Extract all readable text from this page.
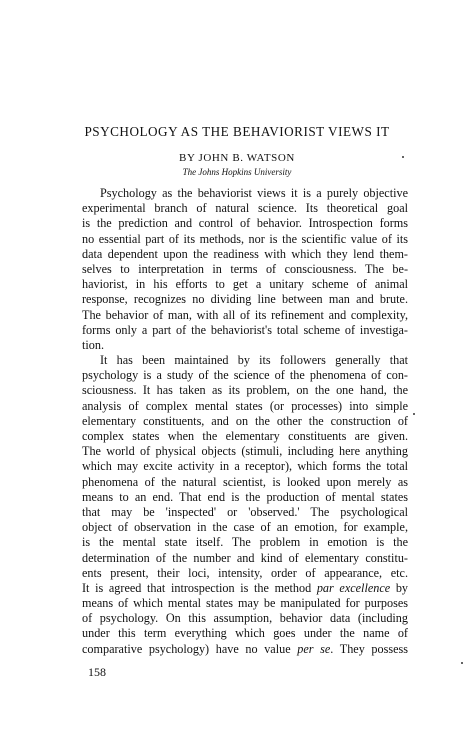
PSYCHOLOGY AS THE BEHAVIORIST VIEWS IT
BY JOHN B. WATSON
The Johns Hopkins University
Psychology as the behaviorist views it is a purely objective
experimental branch of natural science. Its theoretical goal
is the prediction and control of behavior. Introspection forms
no essential part of its methods, nor is the scientific value of its
data dependent upon the readiness with which they lend them-
selves to interpretation in terms of consciousness. The be-
haviorist, in his efforts to get a unitary scheme of animal
response, recognizes no dividing line between man and brute.
The behavior of man, with all of its refinement and complexity,
forms only a part of the behaviorist's total scheme of investiga-
tion.
It has been maintained by its followers generally that
psychology is a study of the science of the phenomena of con-
sciousness. It has taken as its problem, on the one hand, the
analysis of complex mental states (or processes) into simple
elementary constituents, and on the other the construction of
complex states when the elementary constituents are given.
The world of physical objects (stimuli, including here anything
which may excite activity in a receptor), which forms the total
phenomena of the natural scientist, is looked upon merely as
means to an end. That end is the production of mental states
that may be 'inspected' or 'observed.' The psychological
object of observation in the case of an emotion, for example,
is the mental state itself. The problem in emotion is the
determination of the number and kind of elementary constitu-
ents present, their loci, intensity, order of appearance, etc.
It is agreed that introspection is the method par excellence by
means of which mental states may be manipulated for purposes
of psychology. On this assumption, behavior data (including
under this term everything which goes under the name of
comparative psychology) have no value per se. They possess
158
